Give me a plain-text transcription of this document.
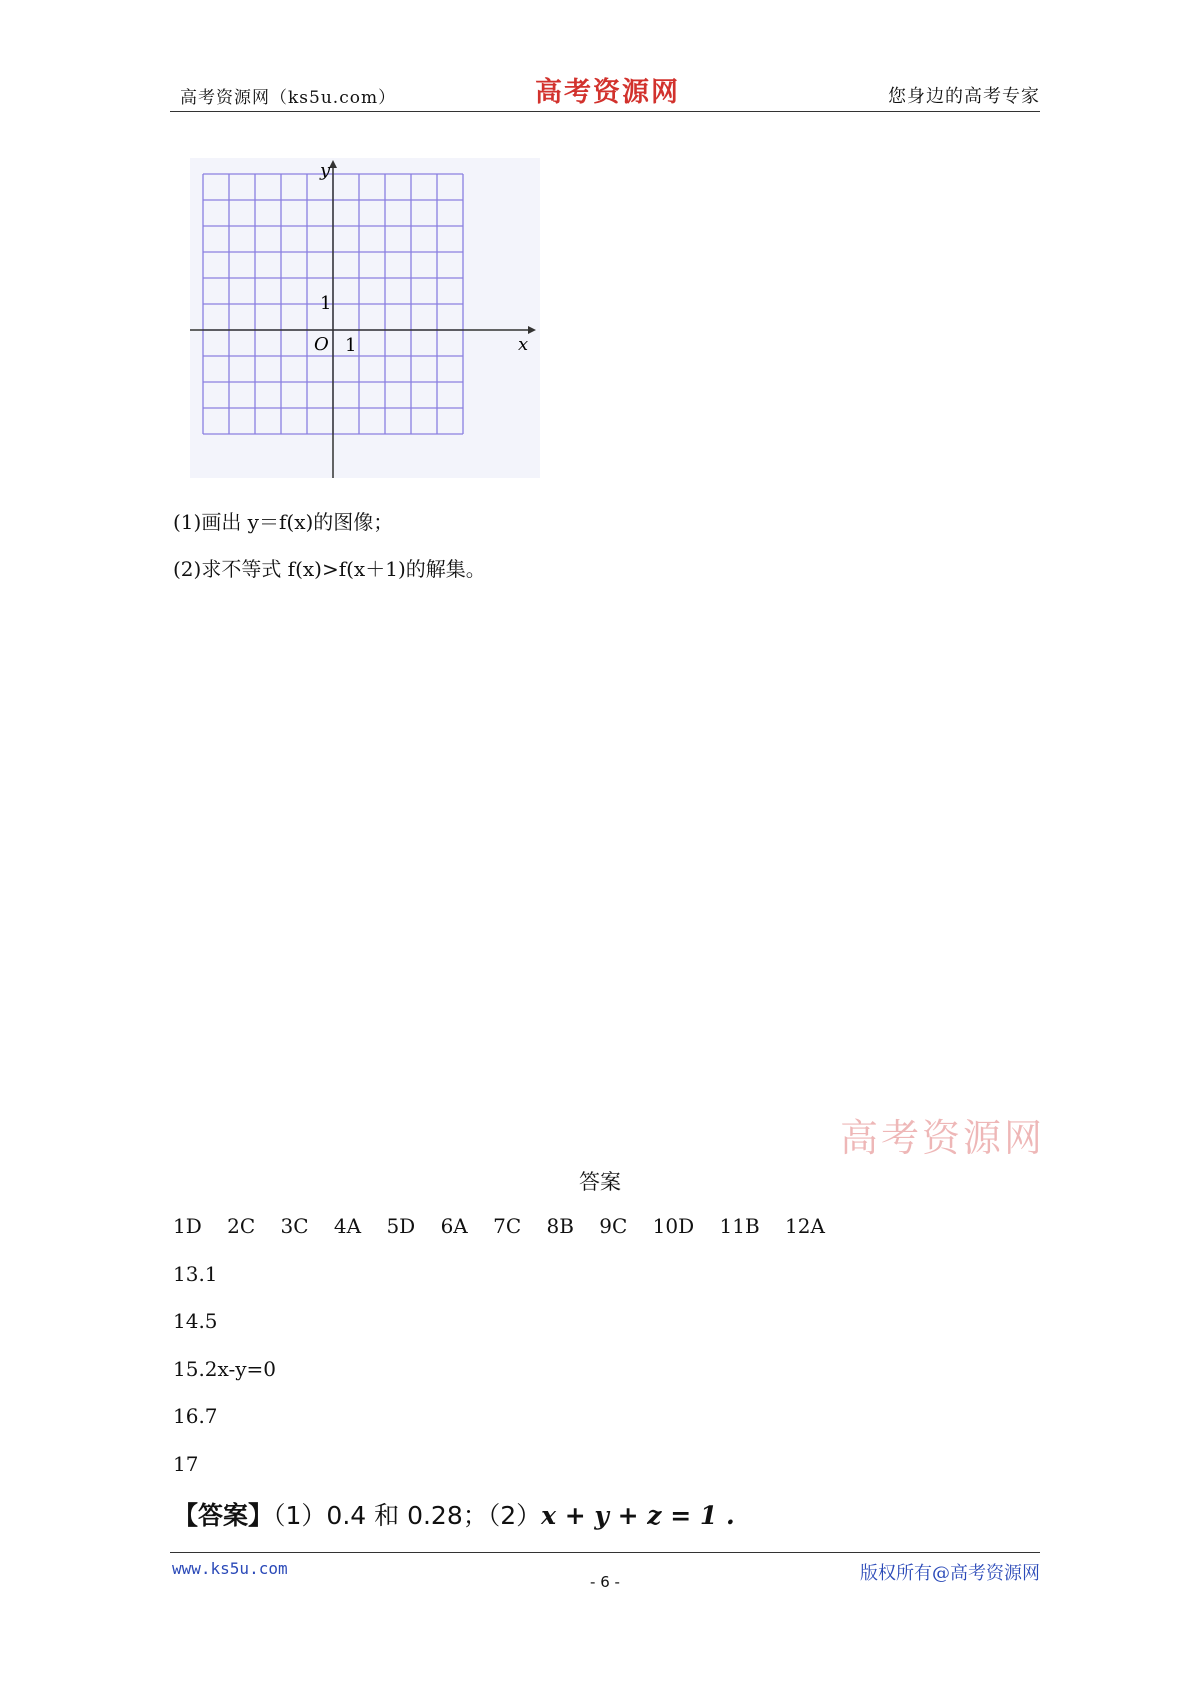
高考资源网（ks5u.com）	高考资源网	您身边的高考专家
y
x
O 1
1
(1)画出 y＝f(x)的图像；
(2)求不等式 f(x)>f(x＋1)的解集。
高考资源网
答案
1D 2C 3C 4A 5D 6A 7C 8B 9C 10D 11B 12A
13.1
14.5
15.2x-y=0
16.7
17
【答案】（1）0.4 和 0.28；（2）x + y + z = 1 .
www.ks5u.com
- 6 -	版权所有@高考资源网
